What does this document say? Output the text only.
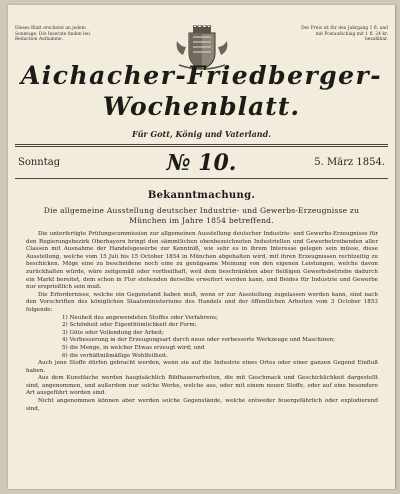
Dieses Blatt erscheint an jedem Sonntage. Die Inserate finden bei Redaction Aufnahme.
Der Preis ist für den Jahrgang 1 fl. und mit Postaufschlag mit 1 fl. 24 kr. bezahlbar.
Aichacher-Friedberger-
Wochenblatt.
Für Gott, König und Vaterland.
Sonntag	№ 10.	5. März 1854.
Bekanntmachung.
Die allgemeine Ausstellung deutscher Industrie- und Gewerbs-Erzeugnisse zu München im Jahre 1854 betreffend.

Die unterfertigte Prüfungscommission zur allgemeinen Ausstellung deutscher Industrie- und Gewerbs-Erzeugnisse für den Regierungsbezirk Oberbayern bringt den sämmtlichen obenbezeichneten Industriellen und Gewerbetreibenden aller Classen mit Ausnahme der Handelsgewerbe zur Kenntniß, wie sehr es in ihrem Interesse gelegen sein müsse, diese Ausstellung, welche vom 15 Juli bis 15 October 1854 in München abgehalten wird, mit ihren Erzeugnissen rechtzeitig zu beschicken. Möge eine zu bescheidene noch eine zu genügsame Meinung von den eigenen Leistungen, welche davon zurückhalten würde, wäre zeitgemäß oder vortheilhaft, weil dem beschränkten aber fleißigen Gewerbsbetriebe dadurch ein Markt bereitet, dem schon in Flor stehenden derselbe erweitert werden kann, und Beides für Industrie und Gewerbe nur ersprießlich sein muß.

Die Erfordernisse, welche ein Gegenstand haben muß, wenn er zur Ausstellung zugelassen werden kann, sind nach den Vorschriften des königlichen Staatsministeriums des Handels und der öffentlichen Arbeiten vom 3 October 1853 folgende:

1) Neuheit des angewendeten Stoffes oder Verfahrens;
2) Schönheit oder Eigenthümlichkeit der Form;
3) Güte oder Vollendung der Arbeit;
4) Verbesserung in der Erzeugungsart durch neue oder verbesserte Werkzeuge und Maschinen;
5) die Menge, in welcher Etwas erzeugt wird; und
6) die verhältnißmäßige Wohlfeilheit.

Auch jene Stoffe dürfen gebracht werden, wenn sie auf die Industrie eines Ortes oder einer ganzen Gegend Einfluß haben.

Aus dem Kunstfache werden hauptsächlich Bildhauerarbeiten, die mit Geschmack und Geschicklichkeit dargestellt sind, angenommen, und außerdem nur solche Werke, welche aus, oder mit einem neuen Stoffe, oder auf eine besondere Art ausgeführt worden sind.

Nicht angenommen können aber werden solche Gegenstände, welche entweder feuergefährlich oder explodierend sind,
